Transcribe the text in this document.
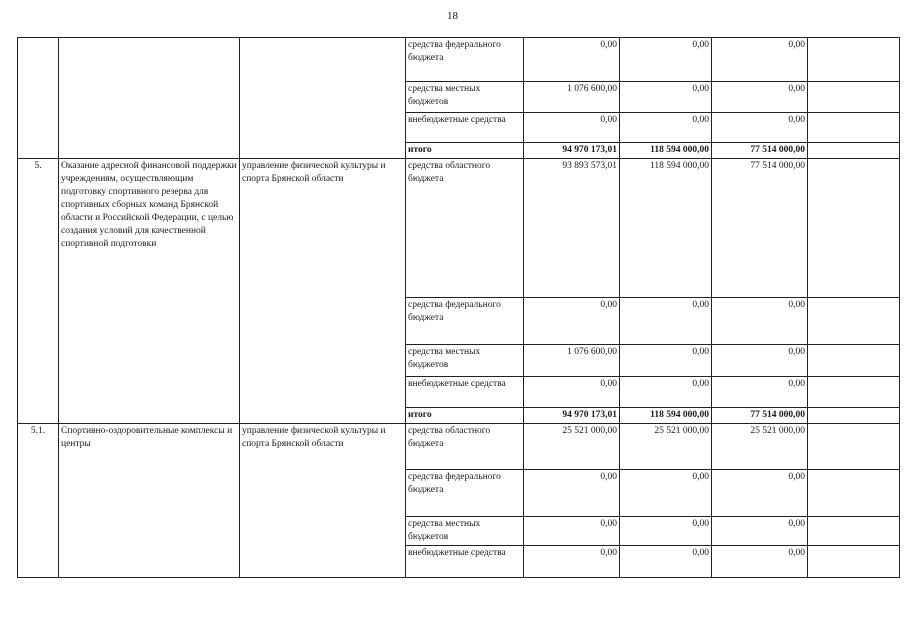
18
			средства федерального бюджета	0,00	0,00	0,00	
			средства местных бюджетов	1 076 600,00	0,00	0,00	
			внебюджетные средства	0,00	0,00	0,00	
			итого	94 970 173,01	118 594 000,00	77 514 000,00	
5.	Оказание адресной финансовой поддержки учреждениям, осуществляющим подготовку спортивного резерва для спортивных сборных команд Брянской области и Российской Федерации, с целью создания условий для качественной спортивной подготовки	управление физической культуры и спорта Брянской области	средства областного бюджета	93 893 573,01	118 594 000,00	77 514 000,00	
			средства федерального бюджета	0,00	0,00	0,00	
			средства местных бюджетов	1 076 600,00	0,00	0,00	
			внебюджетные средства	0,00	0,00	0,00	
			итого	94 970 173,01	118 594 000,00	77 514 000,00	
5.1.	Спортивно-оздоровительные комплексы и центры	управление физической культуры и спорта Брянской области	средства областного бюджета	25 521 000,00	25 521 000,00	25 521 000,00	
			средства федерального бюджета	0,00	0,00	0,00	
			средства местных бюджетов	0,00	0,00	0,00	
			внебюджетные средства	0,00	0,00	0,00	
